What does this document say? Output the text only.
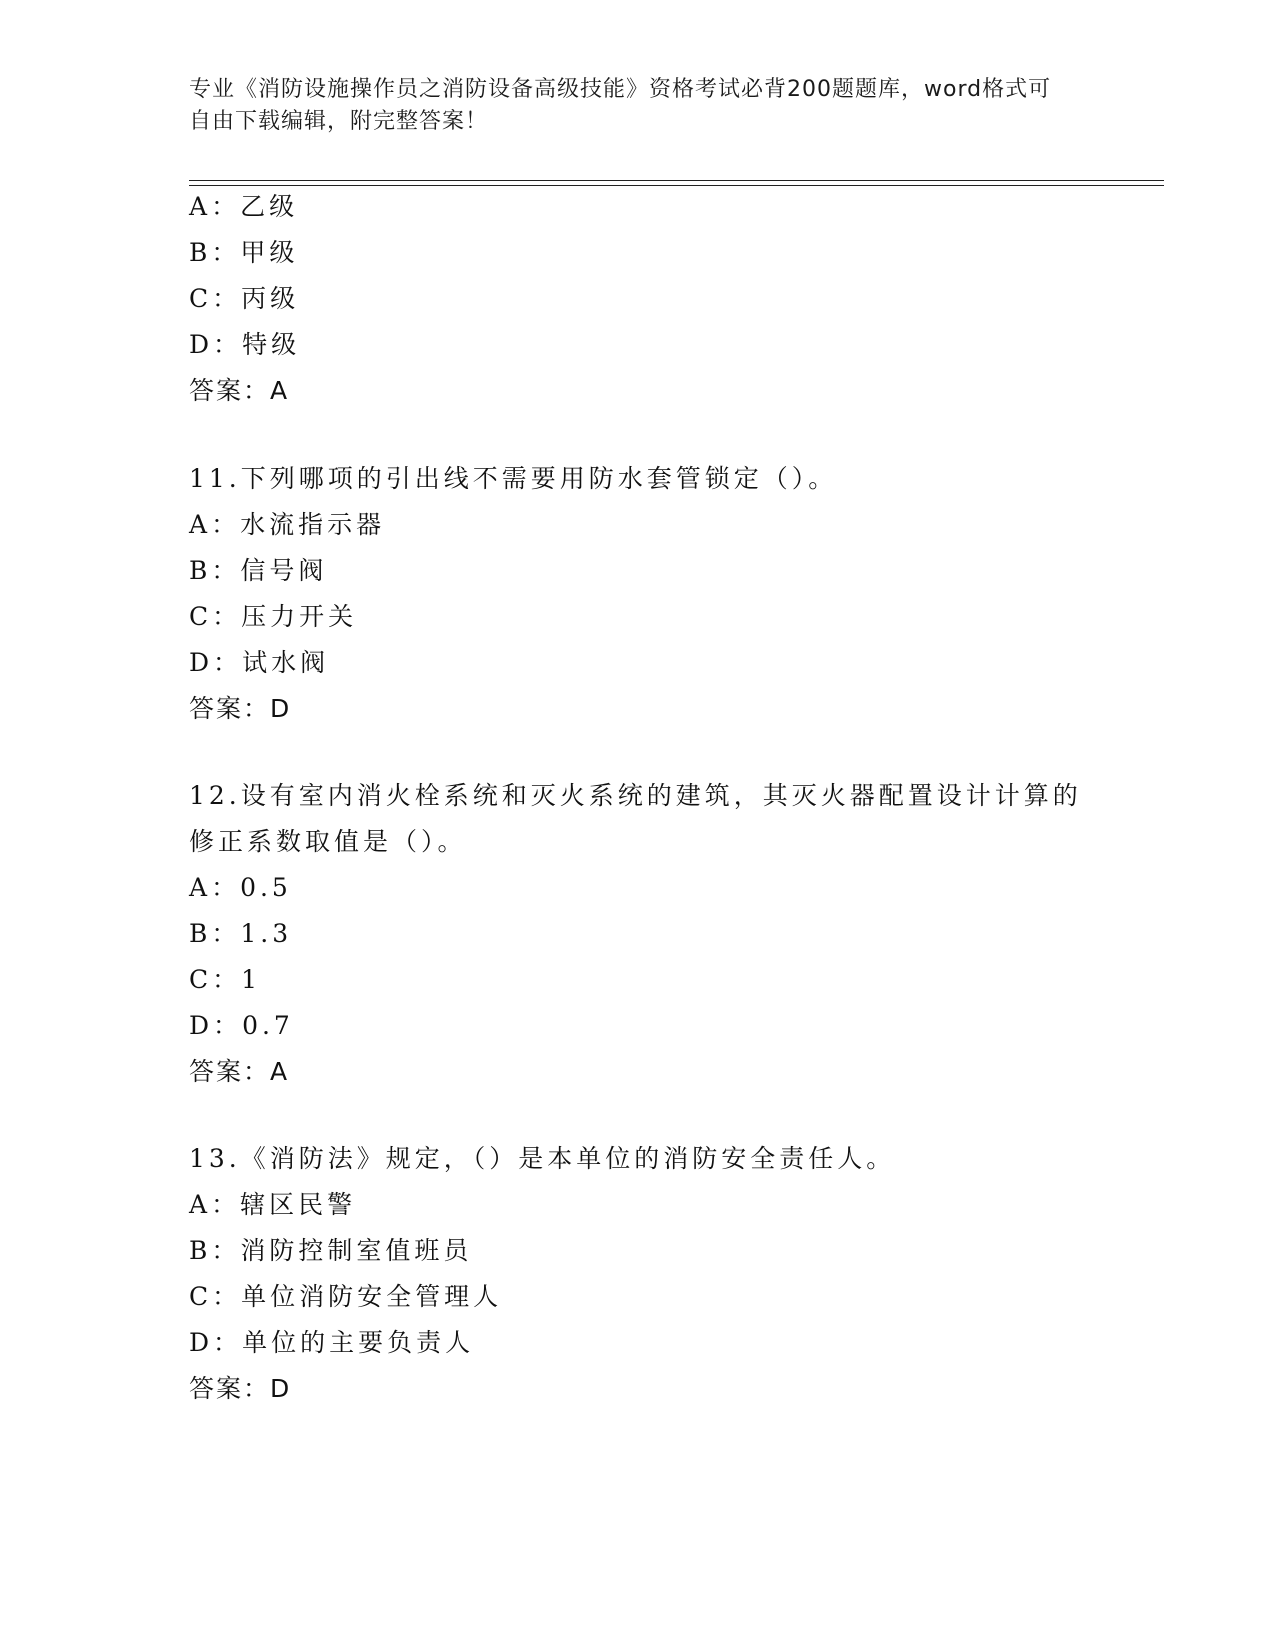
专业《消防设施操作员之消防设备高级技能》资格考试必背200题题库，word格式可自由下载编辑，附完整答案！
A：乙级
B：甲级
C：丙级
D：特级
答案：A
11.下列哪项的引出线不需要用防水套管锁定（）。
A：水流指示器
B：信号阀
C：压力开关
D：试水阀
答案：D
12.设有室内消火栓系统和灭火系统的建筑，其灭火器配置设计计算的
修正系数取值是（）。
A：0.5
B：1.3
C：1
D：0.7
答案：A
13.《消防法》规定，（）是本单位的消防安全责任人。
A：辖区民警
B：消防控制室值班员
C：单位消防安全管理人
D：单位的主要负责人
答案：D
